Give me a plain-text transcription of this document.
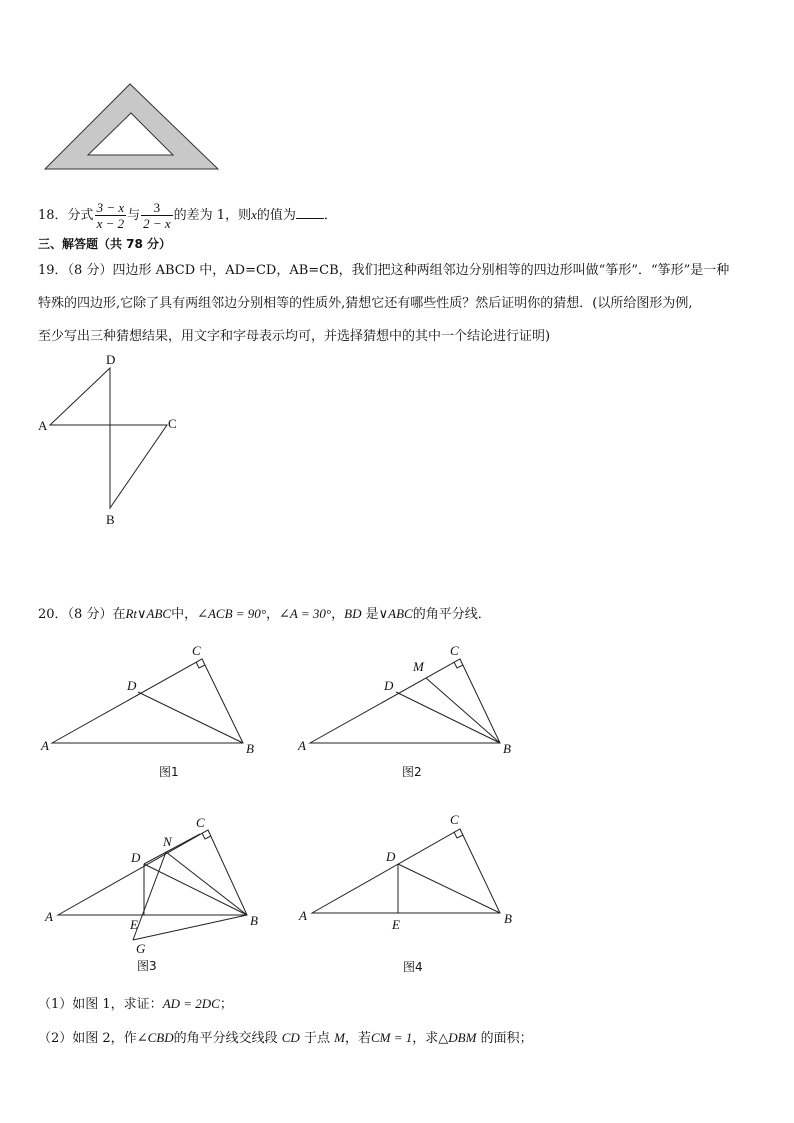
18．分式 $\frac{3 - x}{x - 2}$ 与 $\frac{3}{2 - x}$ 的差为 1，则x的值为 ．
三、解答题（共 78 分）
19．（8 分）四边形 ABCD 中，AD=CD，AB=CB，我们把这种两组邻边分别相等的四边形叫做“筝形”．“筝形”是一种
特殊的四边形,它除了具有两组邻边分别相等的性质外,猜想它还有哪些性质？然后证明你的猜想．(以所给图形为例,
至少写出三种猜想结果，用文字和字母表示均可，并选择猜想中的其中一个结论进行证明)
D
A	C
B
20．（8 分）在Rt∨ABC中，∠ACB = 90°，∠A = 30°，BD 是∨ABC的角平分线．
A	B
C
D
图1
A	B
C
D
M
图2
A	B
C
D
N
E
G
图3
A	B
C
D
E
图4
（1）如图 1，求证：AD = 2DC；
（2）如图 2，作∠CBD的角平分线交线段 CD 于点 M，若CM = 1，求△DBM 的面积；
